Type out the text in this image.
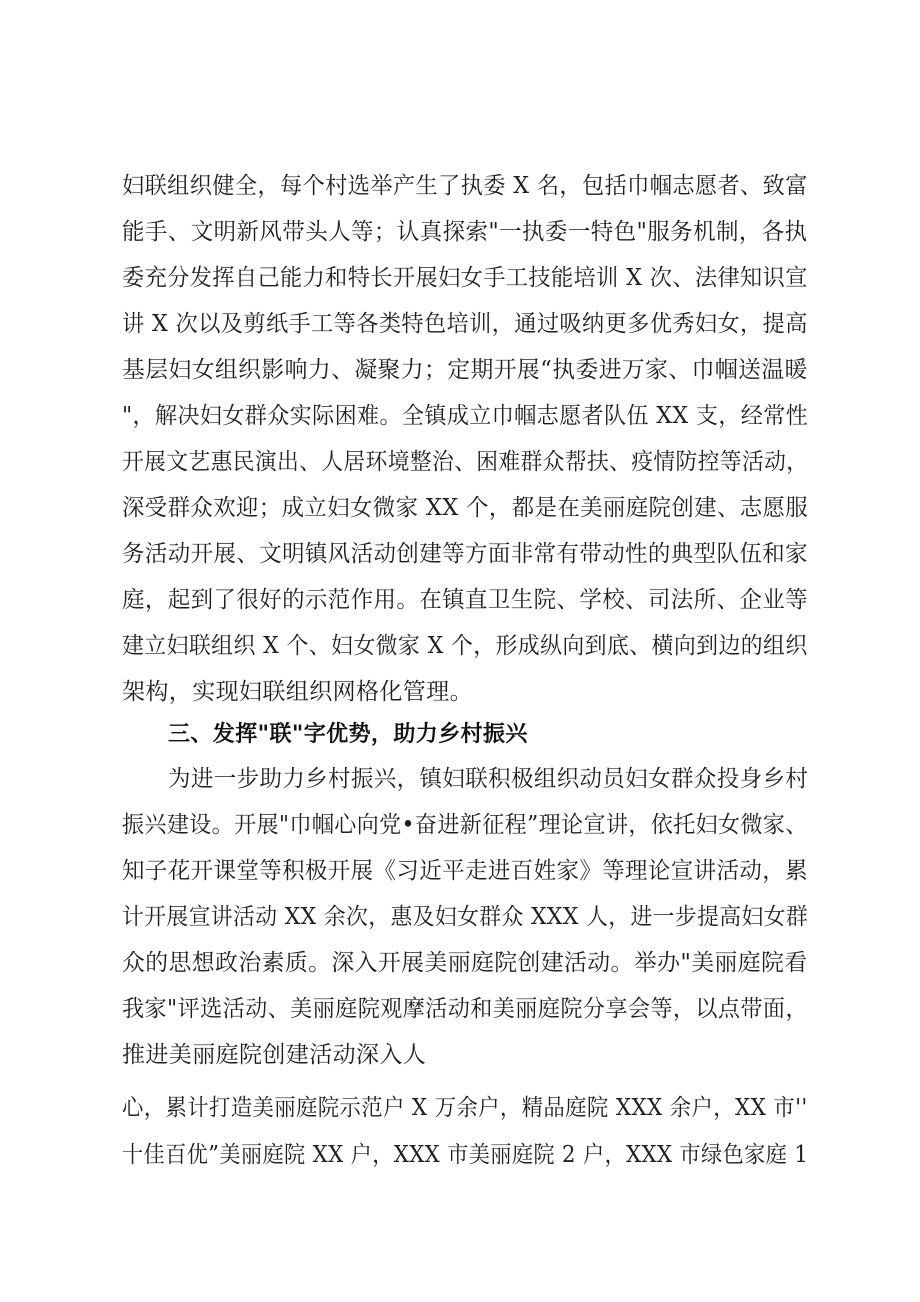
妇联组织健全，每个村选举产生了执委 X 名，包括巾帼志愿者、致富
能手、文明新风带头人等；认真探索"一执委一特色"服务机制，各执
委充分发挥自己能力和特长开展妇女手工技能培训 X 次、法律知识宣
讲 X 次以及剪纸手工等各类特色培训，通过吸纳更多优秀妇女，提高
基层妇女组织影响力、凝聚力；定期开展“执委进万家、巾帼送温暖
"，解决妇女群众实际困难。全镇成立巾帼志愿者队伍 XX 支，经常性
开展文艺惠民演出、人居环境整治、困难群众帮扶、疫情防控等活动，
深受群众欢迎；成立妇女微家 XX 个，都是在美丽庭院创建、志愿服
务活动开展、文明镇风活动创建等方面非常有带动性的典型队伍和家
庭，起到了很好的示范作用。在镇直卫生院、学校、司法所、企业等
建立妇联组织 X 个、妇女微家 X 个，形成纵向到底、横向到边的组织
架构，实现妇联组织网格化管理。
三、发挥"联"字优势，助力乡村振兴
为进一步助力乡村振兴，镇妇联积极组织动员妇女群众投身乡村
振兴建设。开展"巾帼心向党•奋进新征程”理论宣讲，依托妇女微家、
知子花开课堂等积极开展《习近平走进百姓家》等理论宣讲活动，累
计开展宣讲活动 XX 余次，惠及妇女群众 XXX 人，进一步提高妇女群
众的思想政治素质。深入开展美丽庭院创建活动。举办"美丽庭院看
我家"评选活动、美丽庭院观摩活动和美丽庭院分享会等，以点带面，
推进美丽庭院创建活动深入人
心，累计打造美丽庭院示范户 X 万余户，精品庭院 XXX 余户，XX 市''
十佳百优”美丽庭院 XX 户，XXX 市美丽庭院 2 户，XXX 市绿色家庭 1
